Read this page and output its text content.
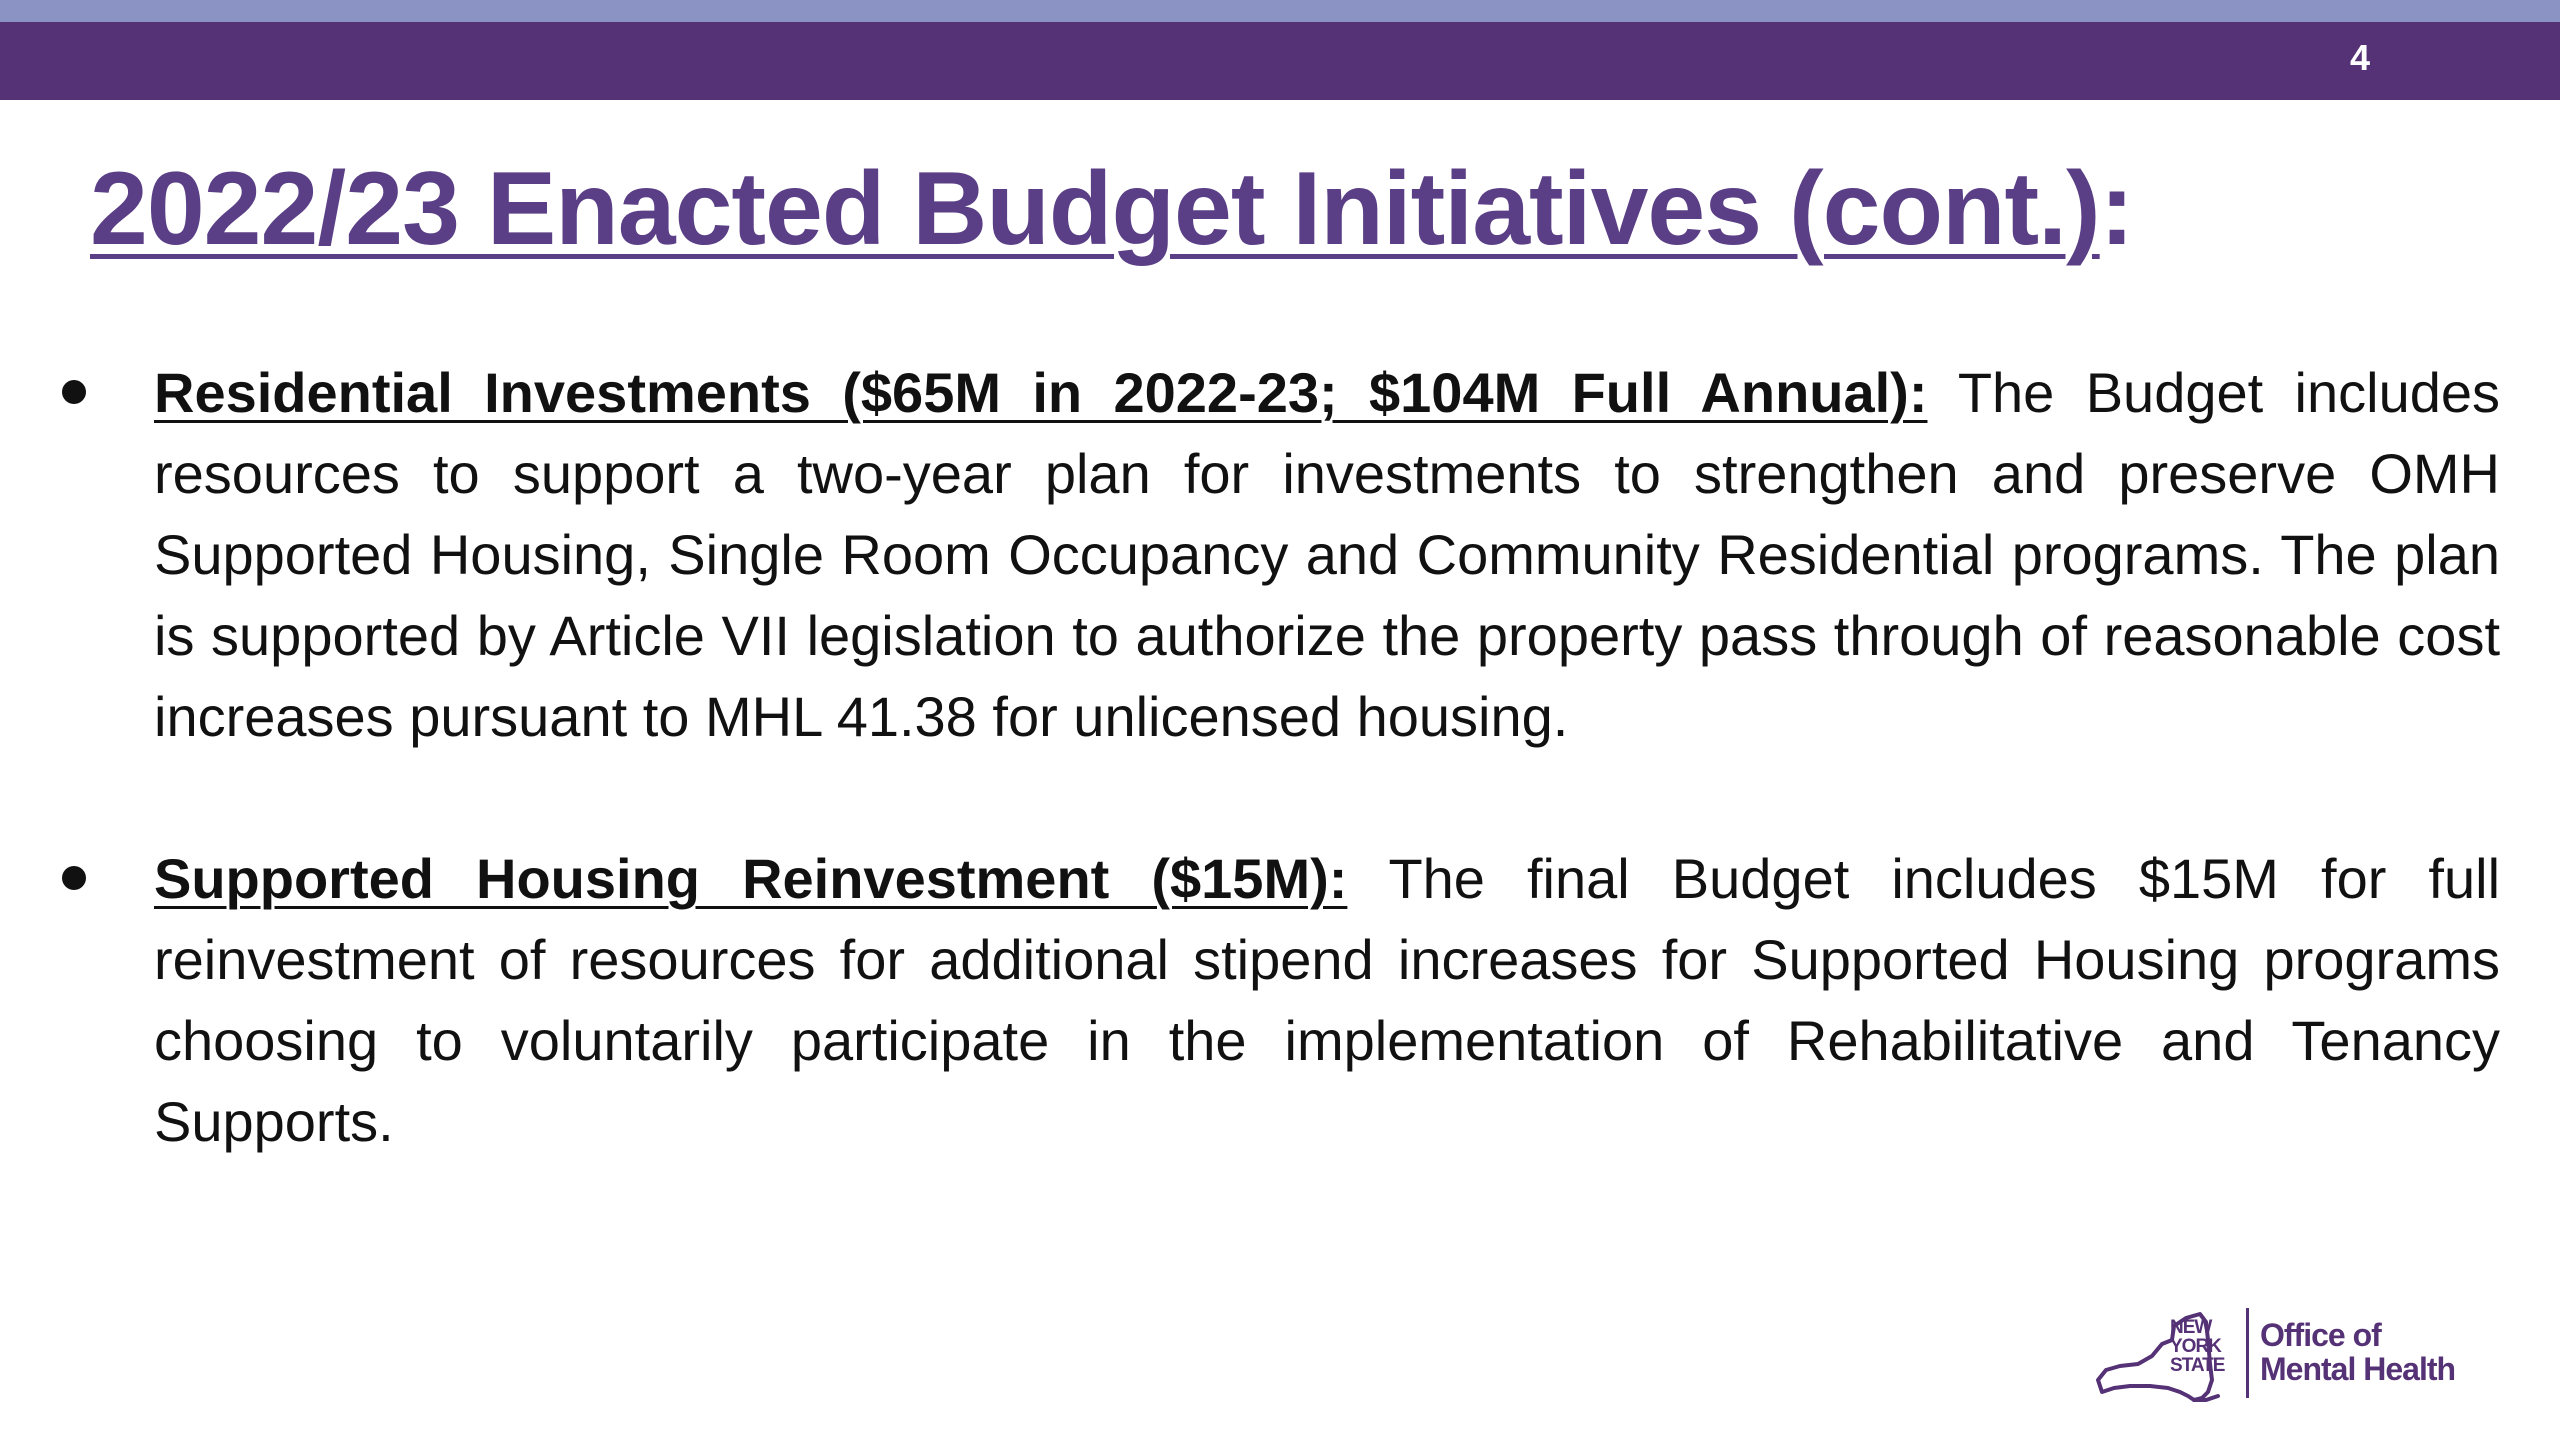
4
2022/23 Enacted Budget Initiatives (cont.):
Residential Investments ($65M in 2022-23; $104M Full Annual): The Budget includes resources to support a two-year plan for investments to strengthen and preserve OMH Supported Housing, Single Room Occupancy and Community Residential programs. The plan is supported by Article VII legislation to authorize the property pass through of reasonable cost increases pursuant to MHL 41.38 for unlicensed housing.
Supported Housing Reinvestment ($15M): The final Budget includes $15M for full reinvestment of resources for additional stipend increases for Supported Housing programs choosing to voluntarily participate in the implementation of Rehabilitative and Tenancy Supports.
NEW
YORK
STATE
Office of
Mental Health
